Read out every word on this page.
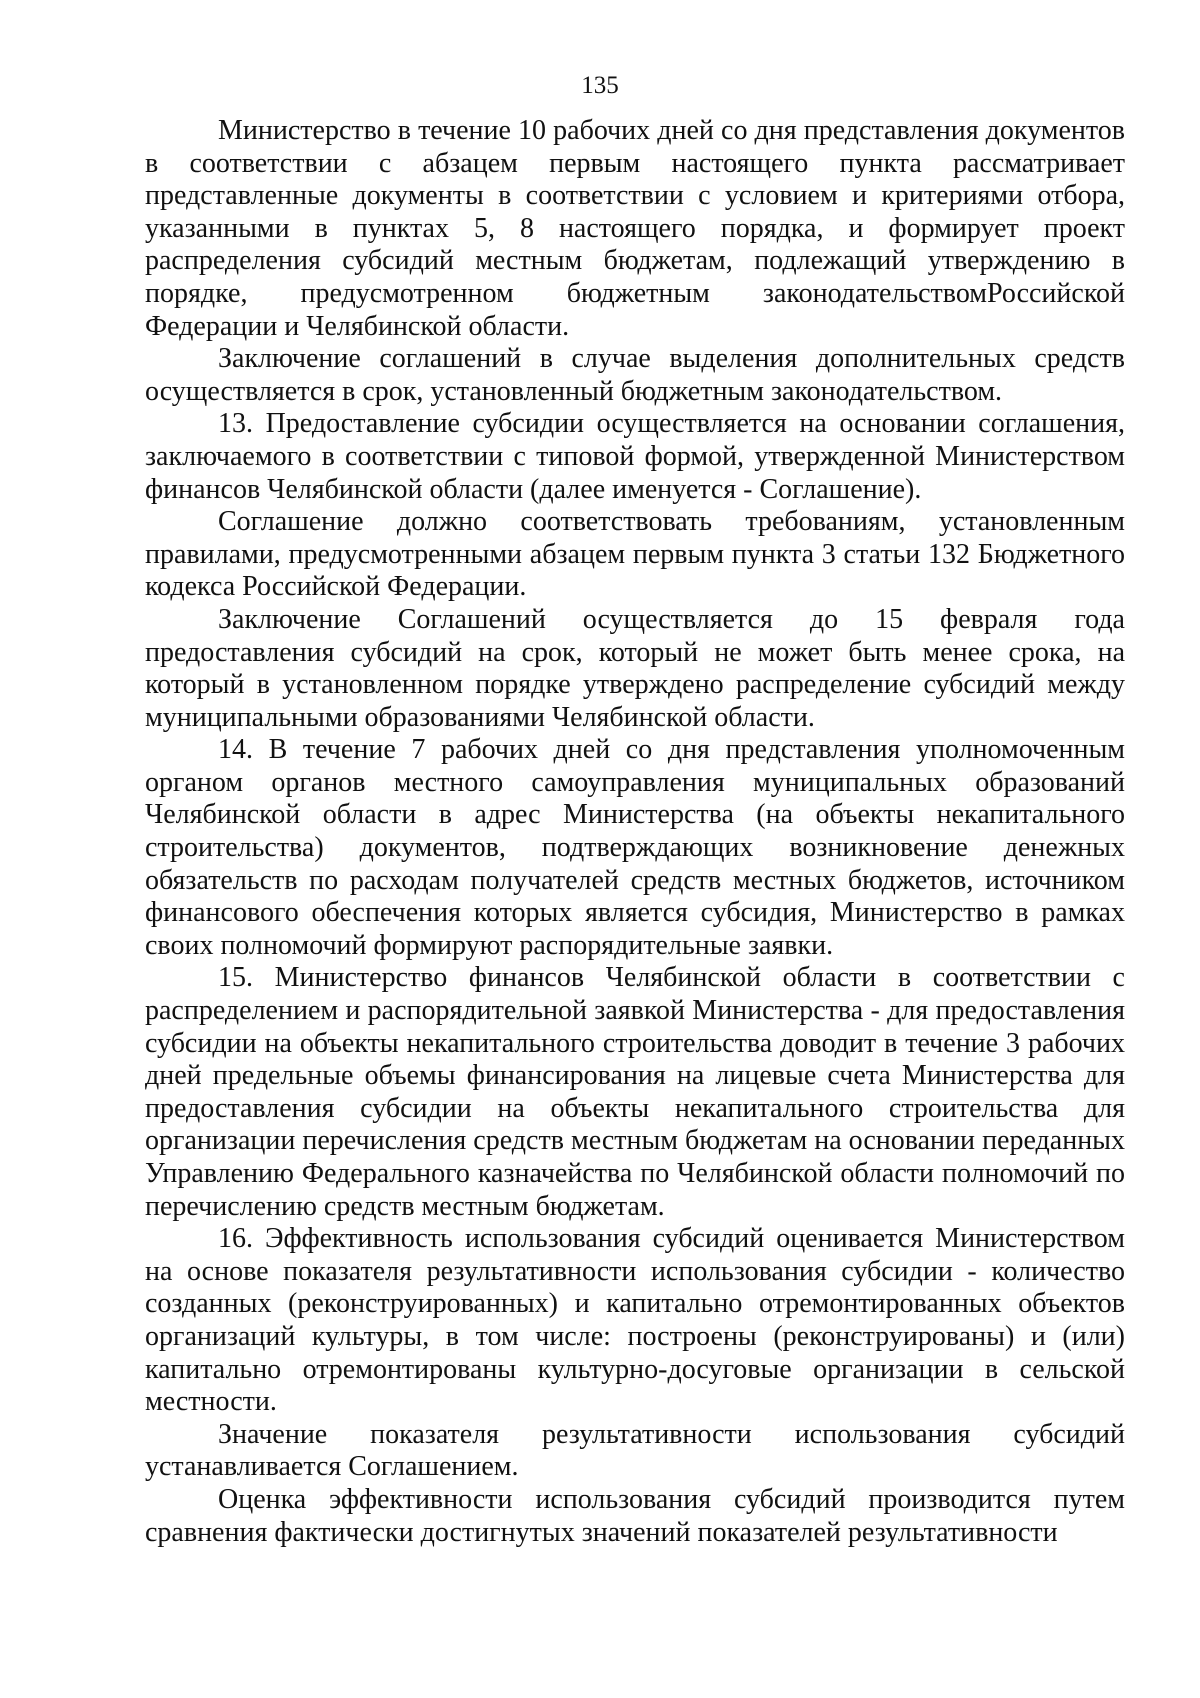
135

Министерство в течение 10 рабочих дней со дня представления документов в соответствии с абзацем первым настоящего пункта рассматривает представленные документы в соответствии с условием и критериями отбора, указанными в пунктах 5, 8 настоящего порядка, и формирует проект распределения субсидий местным бюджетам, подлежащий утверждению в порядке, предусмотренном бюджетным законодательствомРоссийской Федерации и Челябинской области.

Заключение соглашений в случае выделения дополнительных средств осуществляется в срок, установленный бюджетным законодательством.

13. Предоставление субсидии осуществляется на основании соглашения, заключаемого в соответствии с типовой формой, утвержденной Министерством финансов Челябинской области (далее именуется - Соглашение).

Соглашение должно соответствовать требованиям, установленным правилами, предусмотренными абзацем первым пункта 3 статьи 132 Бюджетного кодекса Российской Федерации.

Заключение Соглашений осуществляется до 15 февраля года предоставления субсидий на срок, который не может быть менее срока, на который в установленном порядке утверждено распределение субсидий между муниципальными образованиями Челябинской области.

14. В течение 7 рабочих дней со дня представления уполномоченным органом органов местного самоуправления муниципальных образований Челябинской области в адрес Министерства (на объекты некапитального строительства) документов, подтверждающих возникновение денежных обязательств по расходам получателей средств местных бюджетов, источником финансового обеспечения которых является субсидия, Министерство в рамках своих полномочий формируют распорядительные заявки.

15. Министерство финансов Челябинской области в соответствии с распределением и распорядительной заявкой Министерства - для предоставления субсидии на объекты некапитального строительства доводит в течение 3 рабочих дней предельные объемы финансирования на лицевые счета Министерства для предоставления субсидии на объекты некапитального строительства для организации перечисления средств местным бюджетам на основании переданных Управлению Федерального казначейства по Челябинской области полномочий по перечислению средств местным бюджетам.

16. Эффективность использования субсидий оценивается Министерством на основе показателя результативности использования субсидии - количество созданных (реконструированных) и капитально отремонтированных объектов организаций культуры, в том числе: построены (реконструированы) и (или) капитально отремонтированы культурно-досуговые организации в сельской местности.

Значение показателя результативности использования субсидий устанавливается Соглашением.

Оценка эффективности использования субсидий производится путем сравнения фактически достигнутых значений показателей результативности
